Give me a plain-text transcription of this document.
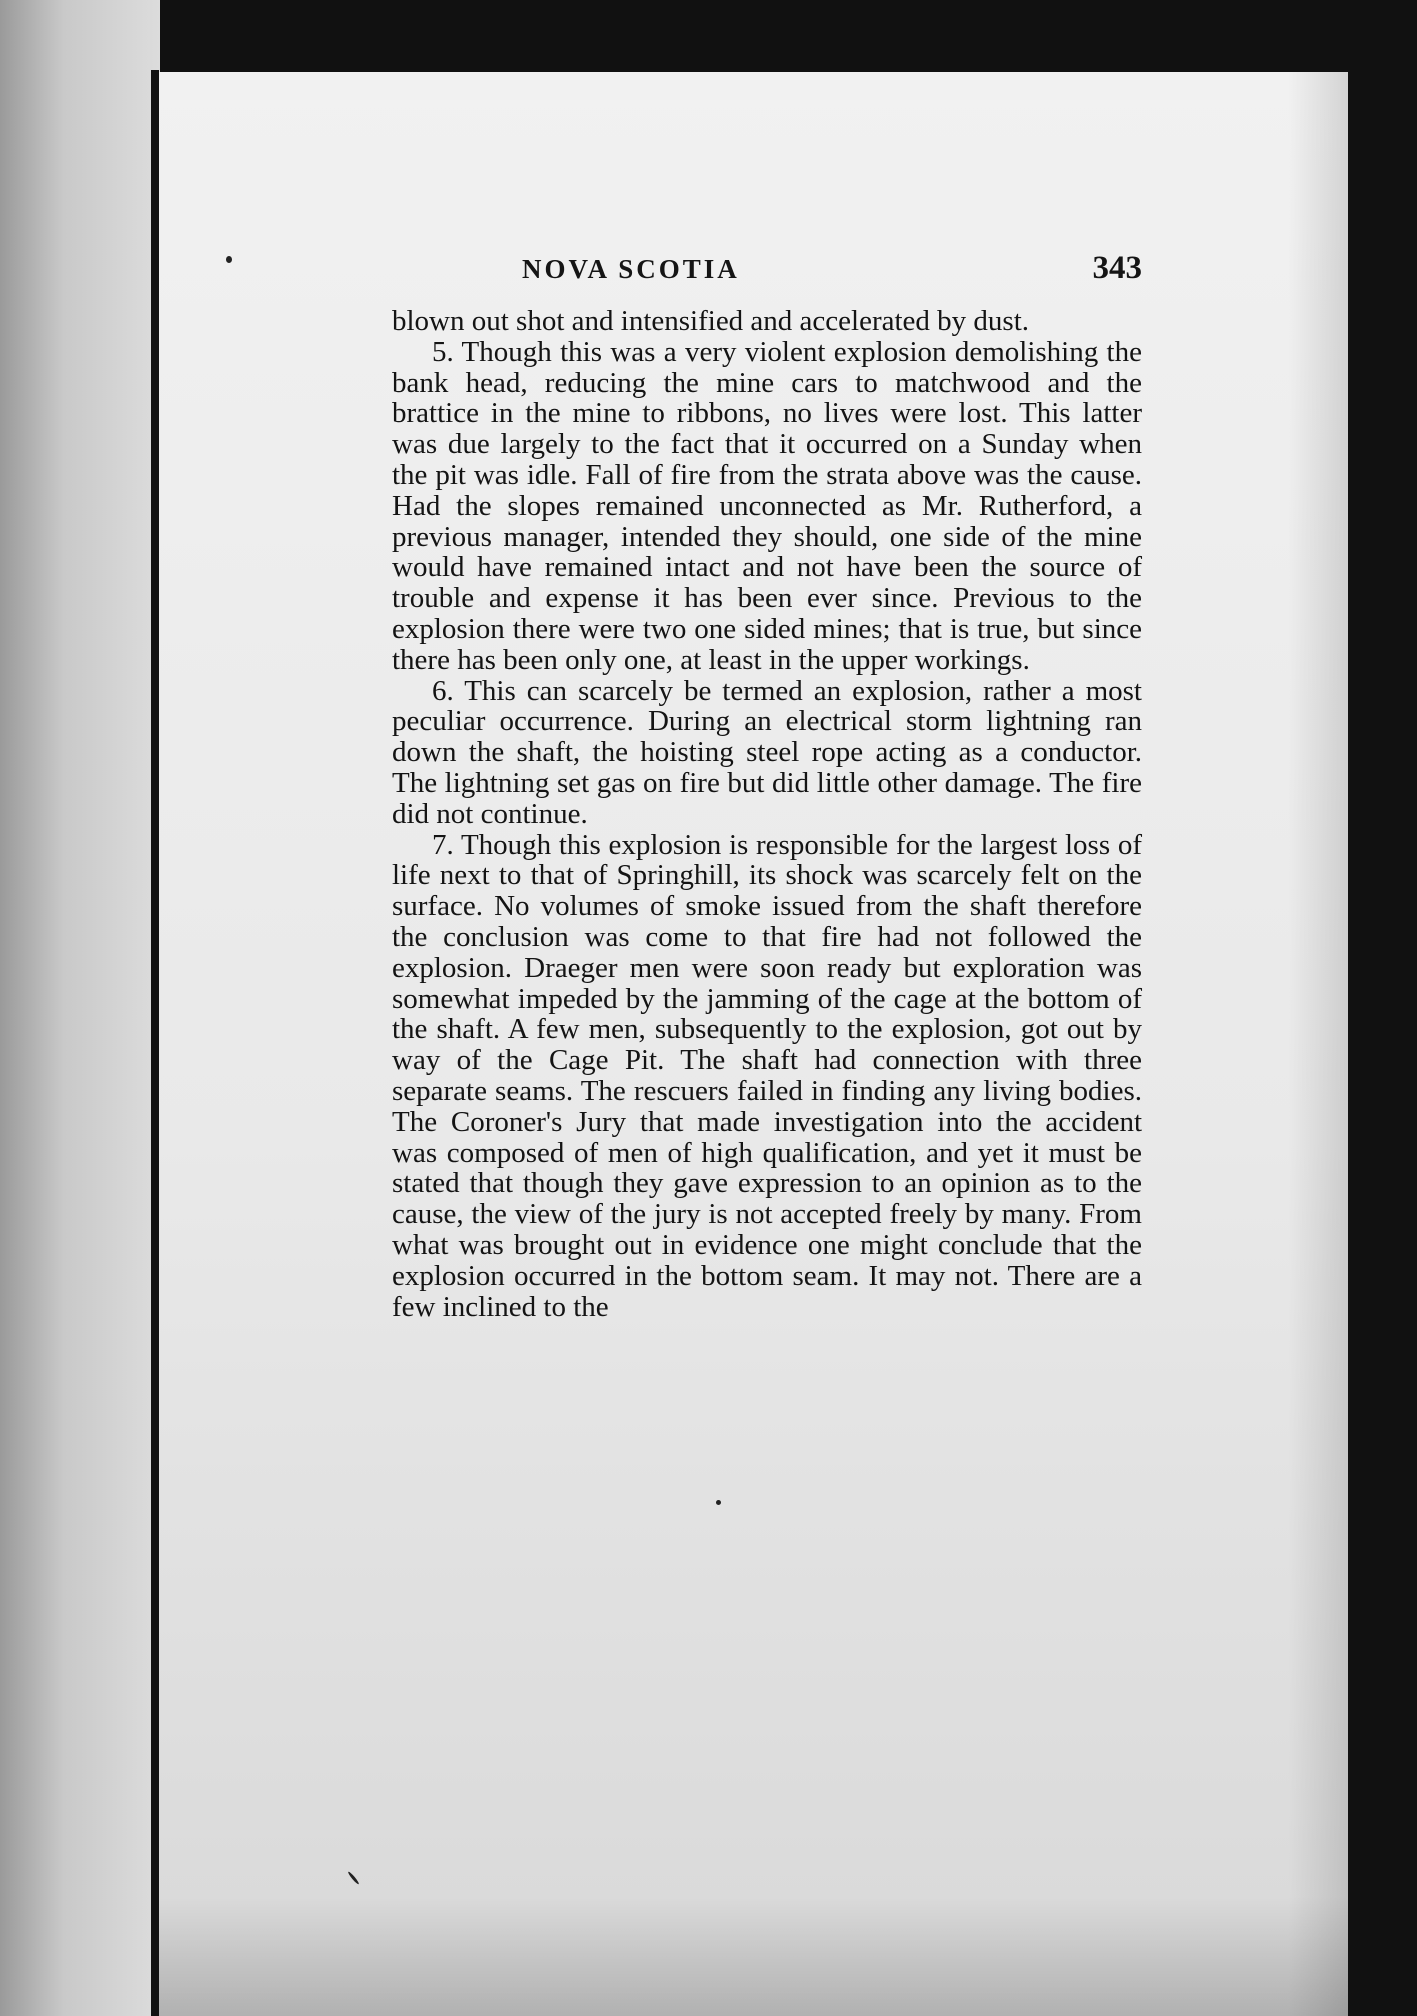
NOVA SCOTIA	343

blown out shot and intensified and accelerated by dust.

5. Though this was a very violent explosion demolishing the bank head, reducing the mine cars to matchwood and the brattice in the mine to ribbons, no lives were lost. This latter was due largely to the fact that it occurred on a Sunday when the pit was idle. Fall of fire from the strata above was the cause. Had the slopes remained unconnected as Mr. Rutherford, a previous manager, intended they should, one side of the mine would have remained intact and not have been the source of trouble and expense it has been ever since. Previous to the explosion there were two one sided mines; that is true, but since there has been only one, at least in the upper workings.

6. This can scarcely be termed an explosion, rather a most peculiar occurrence. During an electrical storm lightning ran down the shaft, the hoisting steel rope acting as a conductor. The lightning set gas on fire but did little other damage. The fire did not continue.

7. Though this explosion is responsible for the largest loss of life next to that of Springhill, its shock was scarcely felt on the surface. No volumes of smoke issued from the shaft therefore the conclusion was come to that fire had not followed the explosion. Draeger men were soon ready but exploration was somewhat impeded by the jamming of the cage at the bottom of the shaft. A few men, subsequently to the explosion, got out by way of the Cage Pit. The shaft had connection with three separate seams. The rescuers failed in finding any living bodies. The Coroner's Jury that made investigation into the accident was composed of men of high qualification, and yet it must be stated that though they gave expression to an opinion as to the cause, the view of the jury is not accepted freely by many. From what was brought out in evidence one might conclude that the explosion occurred in the bottom seam. It may not. There are a few inclined to the
